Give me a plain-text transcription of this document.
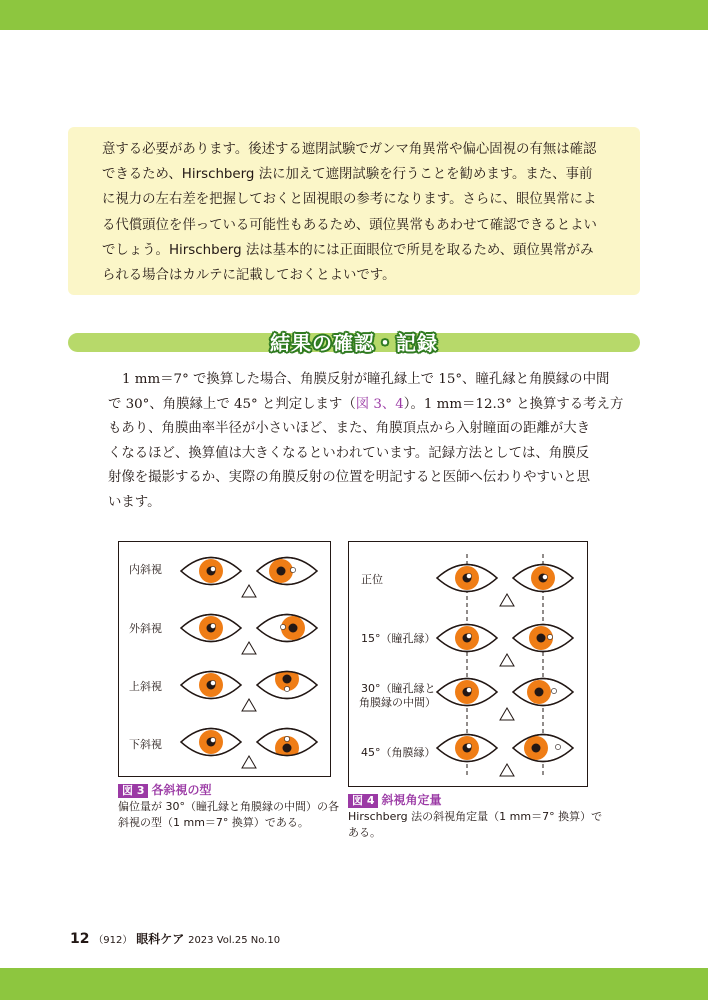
意する必要があります。後述する遮閉試験でガンマ角異常や偏心固視の有無は確認

できるため、Hirschberg 法に加えて遮閉試験を行うことを勧めます。また、事前

に視力の左右差を把握しておくと固視眼の参考になります。さらに、眼位異常によ

る代償頭位を伴っている可能性もあるため、頭位異常もあわせて確認できるとよい

でしょう。Hirschberg 法は基本的には正面眼位で所見を取るため、頭位異常がみ

られる場合はカルテに記載しておくとよいです。

結果の確認・記録

1 mm＝7° で換算した場合、角膜反射が瞳孔縁上で 15°、瞳孔縁と角膜縁の中間

で 30°、角膜縁上で 45° と判定します（図 3、4）。1 mm＝12.3° と換算する考え方

もあり、角膜曲率半径が小さいほど、また、角膜頂点から入射瞳面の距離が大き

くなるほど、換算値は大きくなるといわれています。記録方法としては、角膜反

射像を撮影するか、実際の角膜反射の位置を明記すると医師へ伝わりやすいと思

います。

内斜視
外斜視
上斜視
下斜視
図 3 各斜視の型
偏位量が 30°（瞳孔縁と角膜縁の中間）の各
斜視の型（1 mm＝7° 換算）である。
正位
15°（瞳孔縁）
30°（瞳孔縁と
角膜縁の中間）
45°（角膜縁）
図 4 斜視角定量
Hirschberg 法の斜視角定量（1 mm＝7° 換算）で
ある。
12 （912） 眼科ケア 2023 Vol.25 No.10
